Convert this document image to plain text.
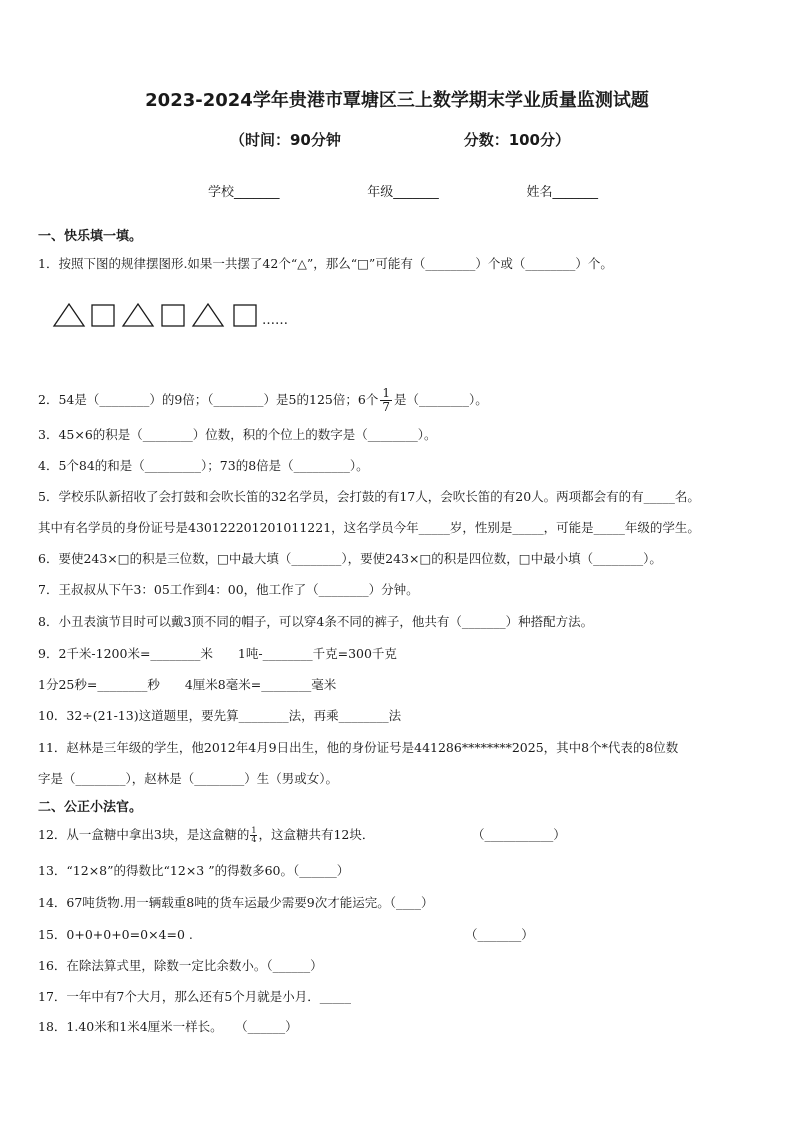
2023-2024学年贵港市覃塘区三上数学期末学业质量监测试题
（时间：90分钟	分数：100分）
学校_______	年级_______	姓名_______
一、快乐填一填。
1．按照下图的规律摆图形.如果一共摆了42个“△”，那么“□”可能有（________）个或（________）个。
……
2．54是（________）的9倍；（________）是5的125倍；6个 $\frac{1}{7}$ 是（________）。
3．45×6的积是（________）位数，积的个位上的数字是（________）。
4．5个84的和是（_________）；73的8倍是（_________）。
5．学校乐队新招收了会打鼓和会吹长笛的32名学员，会打鼓的有17人，会吹长笛的有20人。两项都会有的有_____名。
其中有名学员的身份证号是430122201201011221，这名学员今年_____岁，性别是_____，可能是_____年级的学生。
6．要使243×□的积是三位数，□中最大填（________），要使243×□的积是四位数，□中最小填（________）。
7．王叔叔从下午3：05工作到4：00，他工作了（________）分钟。
8．小丑表演节目时可以戴3顶不同的帽子，可以穿4条不同的裤子，他共有（_______）种搭配方法。
9．2千米-1200米=________米　　1吨-________千克=300千克
1分25秒=________秒　　4厘米8毫米=________毫米
10．32÷(21-13)这道题里，要先算________法，再乘________法
11．赵林是三年级的学生，他2012年4月9日出生，他的身份证号是441286********2025，其中8个*代表的8位数
字是（________），赵林是（________）生（男或女）。
二、公正小法官。
12．从一盒糖中拿出3块，是这盒糖的 $\frac{1}{4}$ ，这盒糖共有12块．	（___________）
13．“12×8”的得数比“12×3 ”的得数多60。（______）
14．67吨货物.用一辆载重8吨的货车运最少需要9次才能运完。（____）
15．0+0+0+0=0×4=0 .	（_______）
16．在除法算式里，除数一定比余数小。（______）
17．一年中有7个大月，那么还有5个月就是小月．_____
18．1.40米和1米4厘米一样长。　　（______）
